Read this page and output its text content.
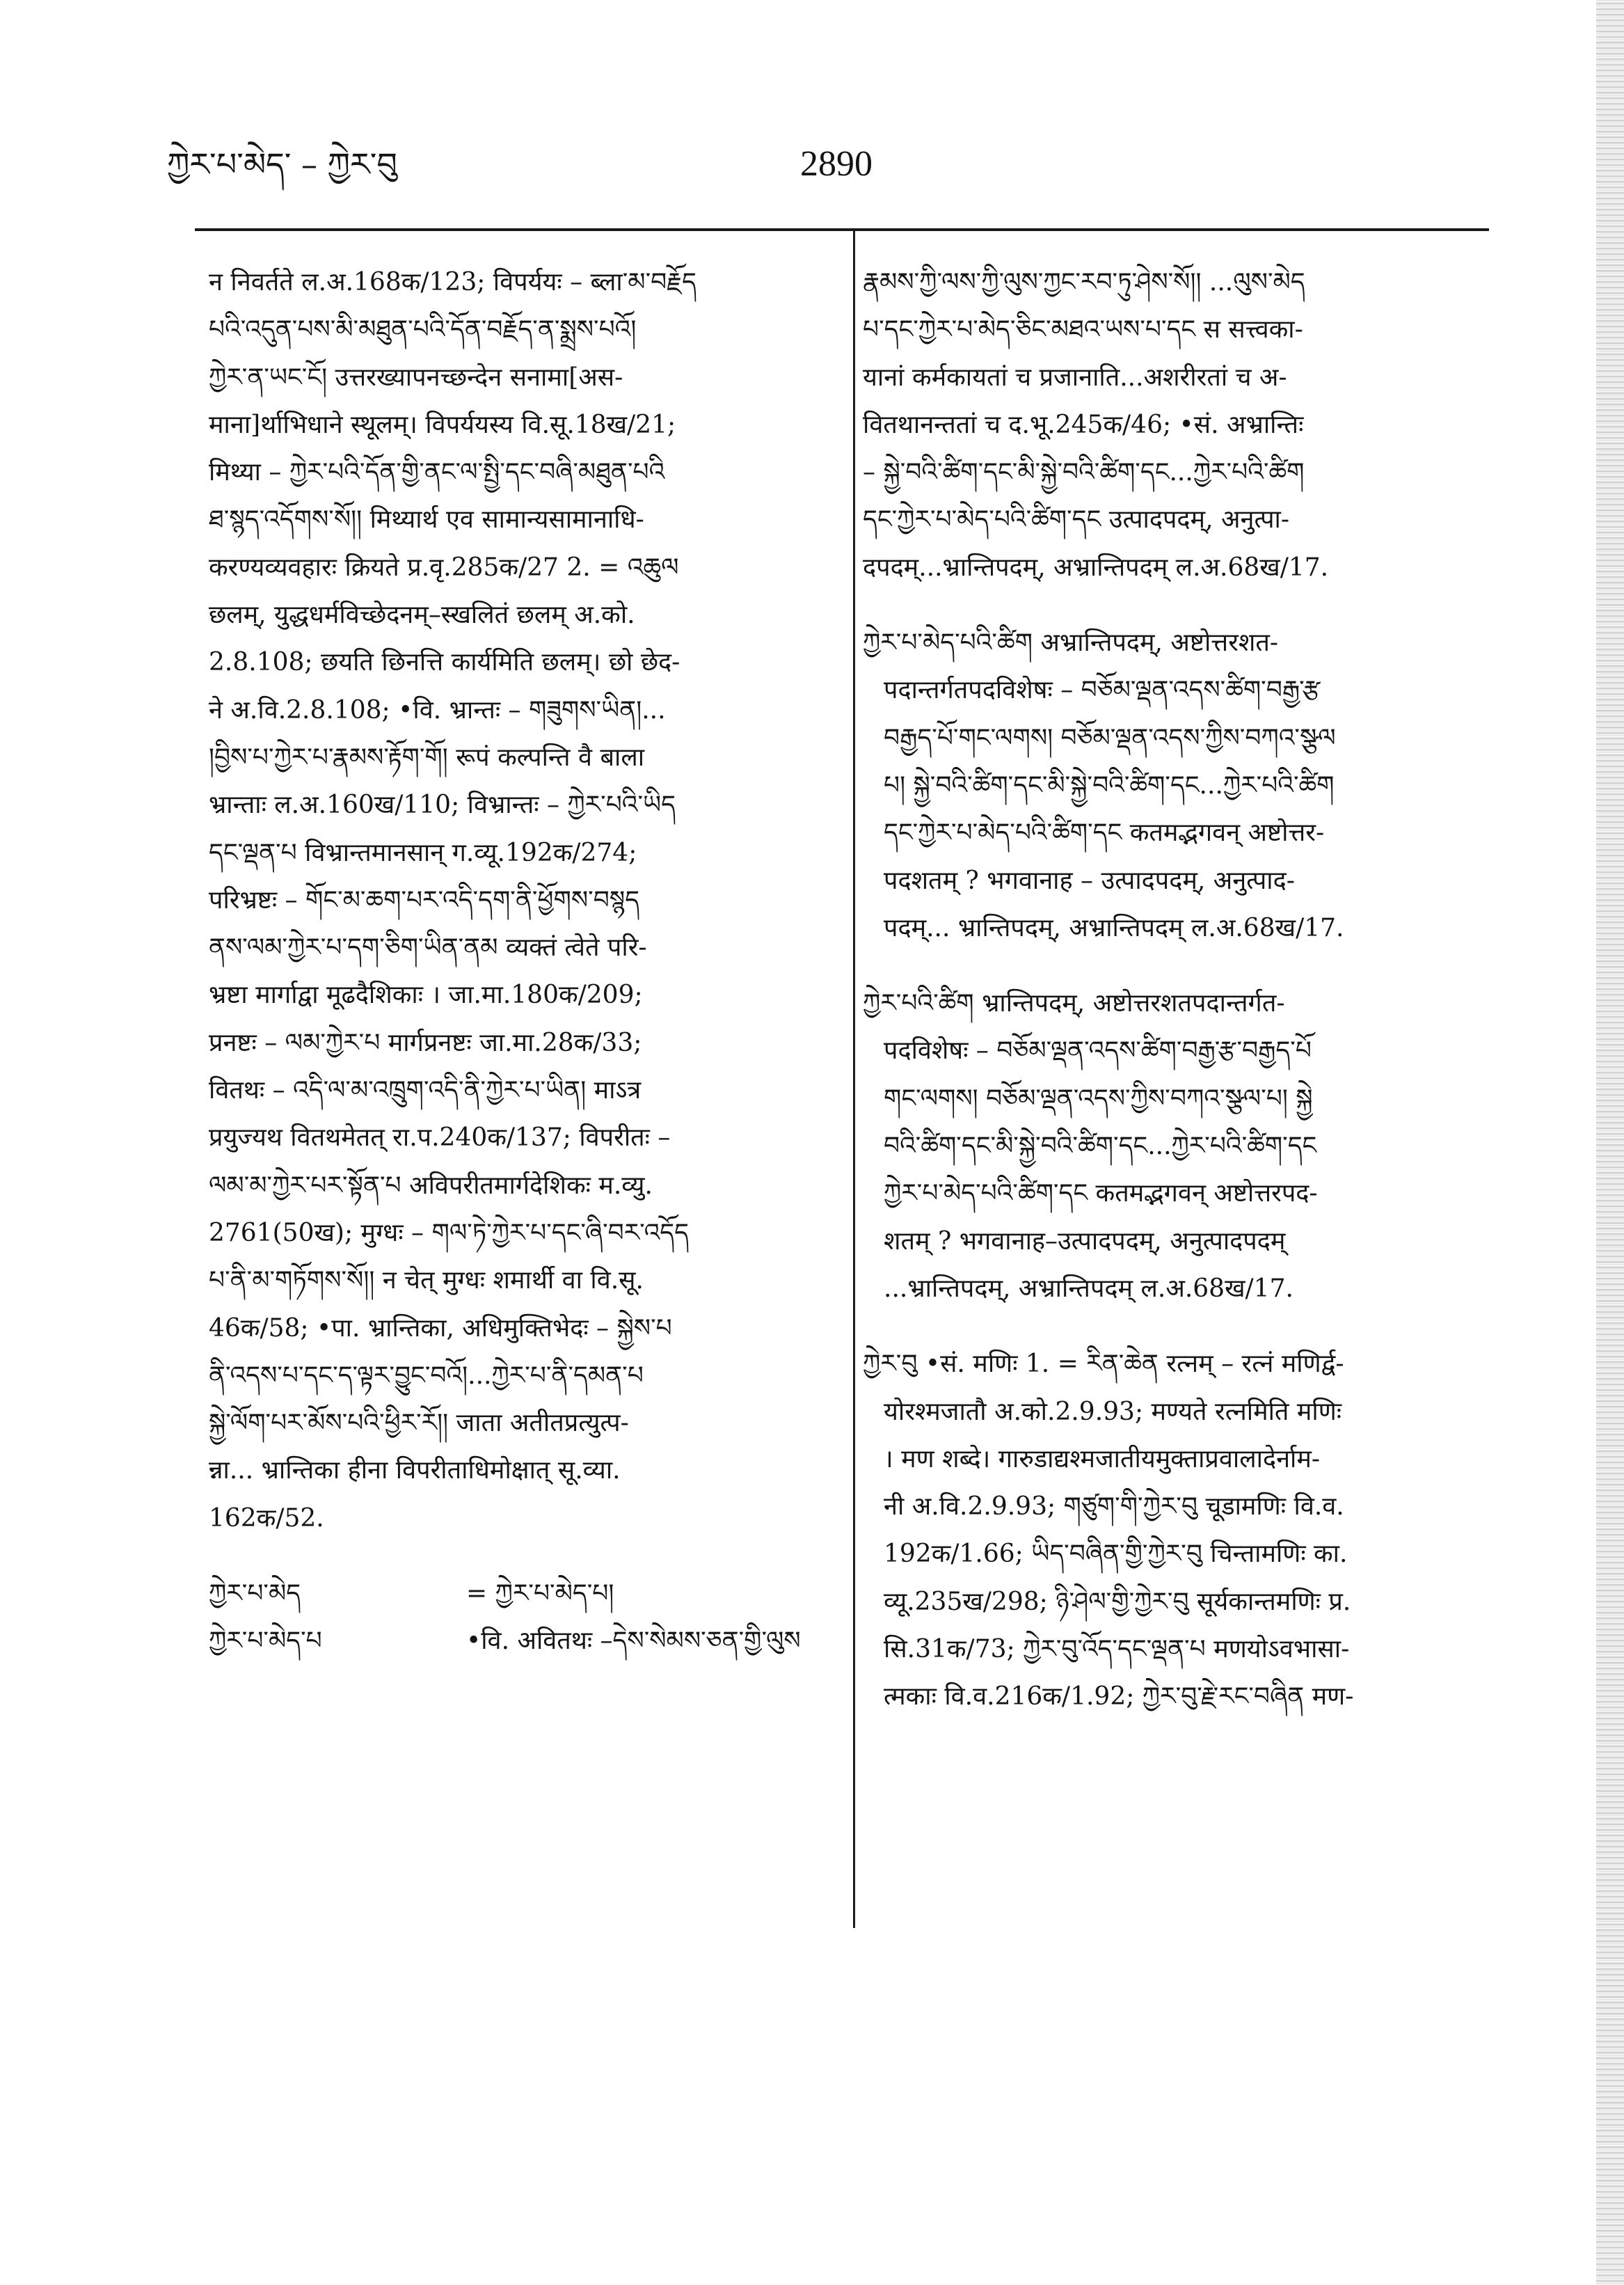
ཀྱེར་པ་མེད་ – ཀྱེར་བུ	2890
न निवर्तते ल.अ.168क/123; विपर्ययः – ब्ला་མ་བརྗོད
པའི་འདུན་པས་མི་མཐུན་པའི་དོན་བརྗོད་ན་སྨྲས་པའོ།
ཀྱེར་ན་ཡང་ངོ། उत्तरख्यापनच्छन्देन सनामा[अस-
माना]र्थाभिधाने स्थूलम्। विपर्ययस्य वि.सू.18ख/21;
मिथ्या – ཀྱེར་པའི་དོན་གྱི་ནང་ལ་སྤྱི་དང་བཞི་མཐུན་པའི
ཐ་སྙད་འདོགས་སོ།། मिथ्यार्थ एव सामान्यसामानाधि-
करण्यव्यवहारः क्रियते प्र.वृ.285क/27 2. = འཆུལ
छलम्, युद्धधर्मविच्छेदनम्–स्खलितं छलम् अ.को.
2.8.108; छयति छिनत्ति कार्यमिति छलम्। छो छेद-
ने अ.वि.2.8.108; •वि. भ्रान्तः – གཟུགས་ཡིན།...
།བྱིས་པ་ཀྱེར་པ་རྣམས་རྟོག་གོ། रूपं कल्पन्ति वै बाला
भ्रान्ताः ल.अ.160ख/110; विभ्रान्तः – ཀྱེར་པའི་ཡིད
དང་ལྡན་པ विभ्रान्तमानसान् ग.व्यू.192क/274;
परिभ्रष्टः – གོང་མ་ཆག་པར་འདི་དག་ནི་ཕྱོགས་བསྙད
ནས་ལམ་ཀྱེར་པ་དག་ཅིག་ཡིན་ནམ व्यक्तं त्वेते परि-
भ्रष्टा मार्गाद्वा मूढदैशिकाः । जा.मा.180क/209;
प्रनष्टः – ལམ་ཀྱེར་པ मार्गप्रनष्टः जा.मा.28क/33;
वितथः – འདི་ལ་མ་འཁྲུག་འདི་ནི་ཀྱེར་པ་ཡིན། माऽत्र
प्रयुज्यथ वितथमेतत् रा.प.240क/137; विपरीतः –
ལམ་མ་ཀྱེར་པར་སྟོན་པ अविपरीतमार्गदेशिकः म.व्यु.
2761(50ख); मुग्धः – གལ་ཏེ་ཀྱེར་པ་དང་ཞི་བར་འདོད
པ་ནི་མ་གཏོགས་སོ།། न चेत् मुग्धः शमार्थी वा वि.सू.
46क/58; •पा. भ्रान्तिका, अधिमुक्तिभेदः – སྐྱེས་པ
ནི་འདས་པ་དང་ད་ལྟར་བྱུང་བའོ།...ཀྱེར་པ་ནི་དམན་པ
སྐྱེ་ལོག་པར་མོས་པའི་ཕྱིར་རོ།། जाता अतीतप्रत्युत्प-
न्ना... भ्रान्तिका हीना विपरीताधिमोक्षात् सू.व्या.
162क/52.
ཀྱེར་པ་མེད	= ཀྱེར་པ་མེད་པ།
ཀྱེར་པ་མེད་པ	•वि. अवितथः –དེས་སེམས་ཅན་གྱི་ལུས
རྣམས་ཀྱི་ལས་ཀྱི་ལུས་ཀྱང་རབ་ཏུ་ཤེས་སོ།། ...ལུས་མེད
པ་དང་ཀྱེར་པ་མེད་ཅིང་མཐའ་ཡས་པ་དང स सत्त्वका-
यानां कर्मकायतां च प्रजानाति...अशरीरतां च अ-
वितथानन्ततां च द.भू.245क/46; •सं. अभ्रान्तिः
– སྐྱེ་བའི་ཚིག་དང་མི་སྐྱེ་བའི་ཚིག་དང...ཀྱེར་པའི་ཚིག
དང་ཀྱེར་པ་མེད་པའི་ཚིག་དང उत्पादपदम्, अनुत्पा-
दपदम्...भ्रान्तिपदम्, अभ्रान्तिपदम् ल.अ.68ख/17.
ཀྱེར་པ་མེད་པའི་ཚིག अभ्रान्तिपदम्, अष्टोत्तरशत-
पदान्तर्गतपदविशेषः – བཅོམ་ལྡན་འདས་ཚིག་བརྒྱ་རྩ
བརྒྱད་པོ་གང་ལགས། བཅོམ་ལྡན་འདས་ཀྱིས་བཀའ་སྩལ
པ། སྐྱེ་བའི་ཚིག་དང་མི་སྐྱེ་བའི་ཚིག་དང...ཀྱེར་པའི་ཚིག
དང་ཀྱེར་པ་མེད་པའི་ཚིག་དང कतमद्भगवन् अष्टोत्तर-
पदशतम् ? भगवानाह – उत्पादपदम्, अनुत्पाद-
पदम्... भ्रान्तिपदम्, अभ्रान्तिपदम् ल.अ.68ख/17.
ཀྱེར་པའི་ཚིག भ्रान्तिपदम्, अष्टोत्तरशतपदान्तर्गत-
पदविशेषः – བཅོམ་ལྡན་འདས་ཚིག་བརྒྱ་རྩ་བརྒྱད་པོ
གང་ལགས། བཅོམ་ལྡན་འདས་ཀྱིས་བཀའ་སྩལ་པ། སྐྱེ
བའི་ཚིག་དང་མི་སྐྱེ་བའི་ཚིག་དང...ཀྱེར་པའི་ཚིག་དང
ཀྱེར་པ་མེད་པའི་ཚིག་དང कतमद्भगवन् अष्टोत्तरपद-
शतम् ? भगवानाह–उत्पादपदम्, अनुत्पादपदम्
...भ्रान्तिपदम्, अभ्रान्तिपदम् ल.अ.68ख/17.
ཀྱེར་བུ •सं. मणिः 1. = རིན་ཆེན रत्नम् – रत्नं मणिर्द्व-
योरश्मजातौ अ.को.2.9.93; मण्यते रत्नमिति मणिः
। मण शब्दे। गारुडाद्यश्मजातीयमुक्ताप्रवालादेर्नाम-
नी अ.वि.2.9.93; གཙུག་གི་ཀྱེར་བུ चूडामणिः वि.व.
192क/1.66; ཡིད་བཞིན་གྱི་ཀྱེར་བུ चिन्तामणिः का.
व्यू.235ख/298; ཉི་ཤེལ་གྱི་ཀྱེར་བུ सूर्यकान्तमणिः प्र.
सि.31क/73; ཀྱེར་བུ་འོད་དང་ལྡན་པ मणयोऽवभासा-
त्मकाः वि.व.216क/1.92; ཀྱེར་བུ་རྗེ་རང་བཞིན मण-
